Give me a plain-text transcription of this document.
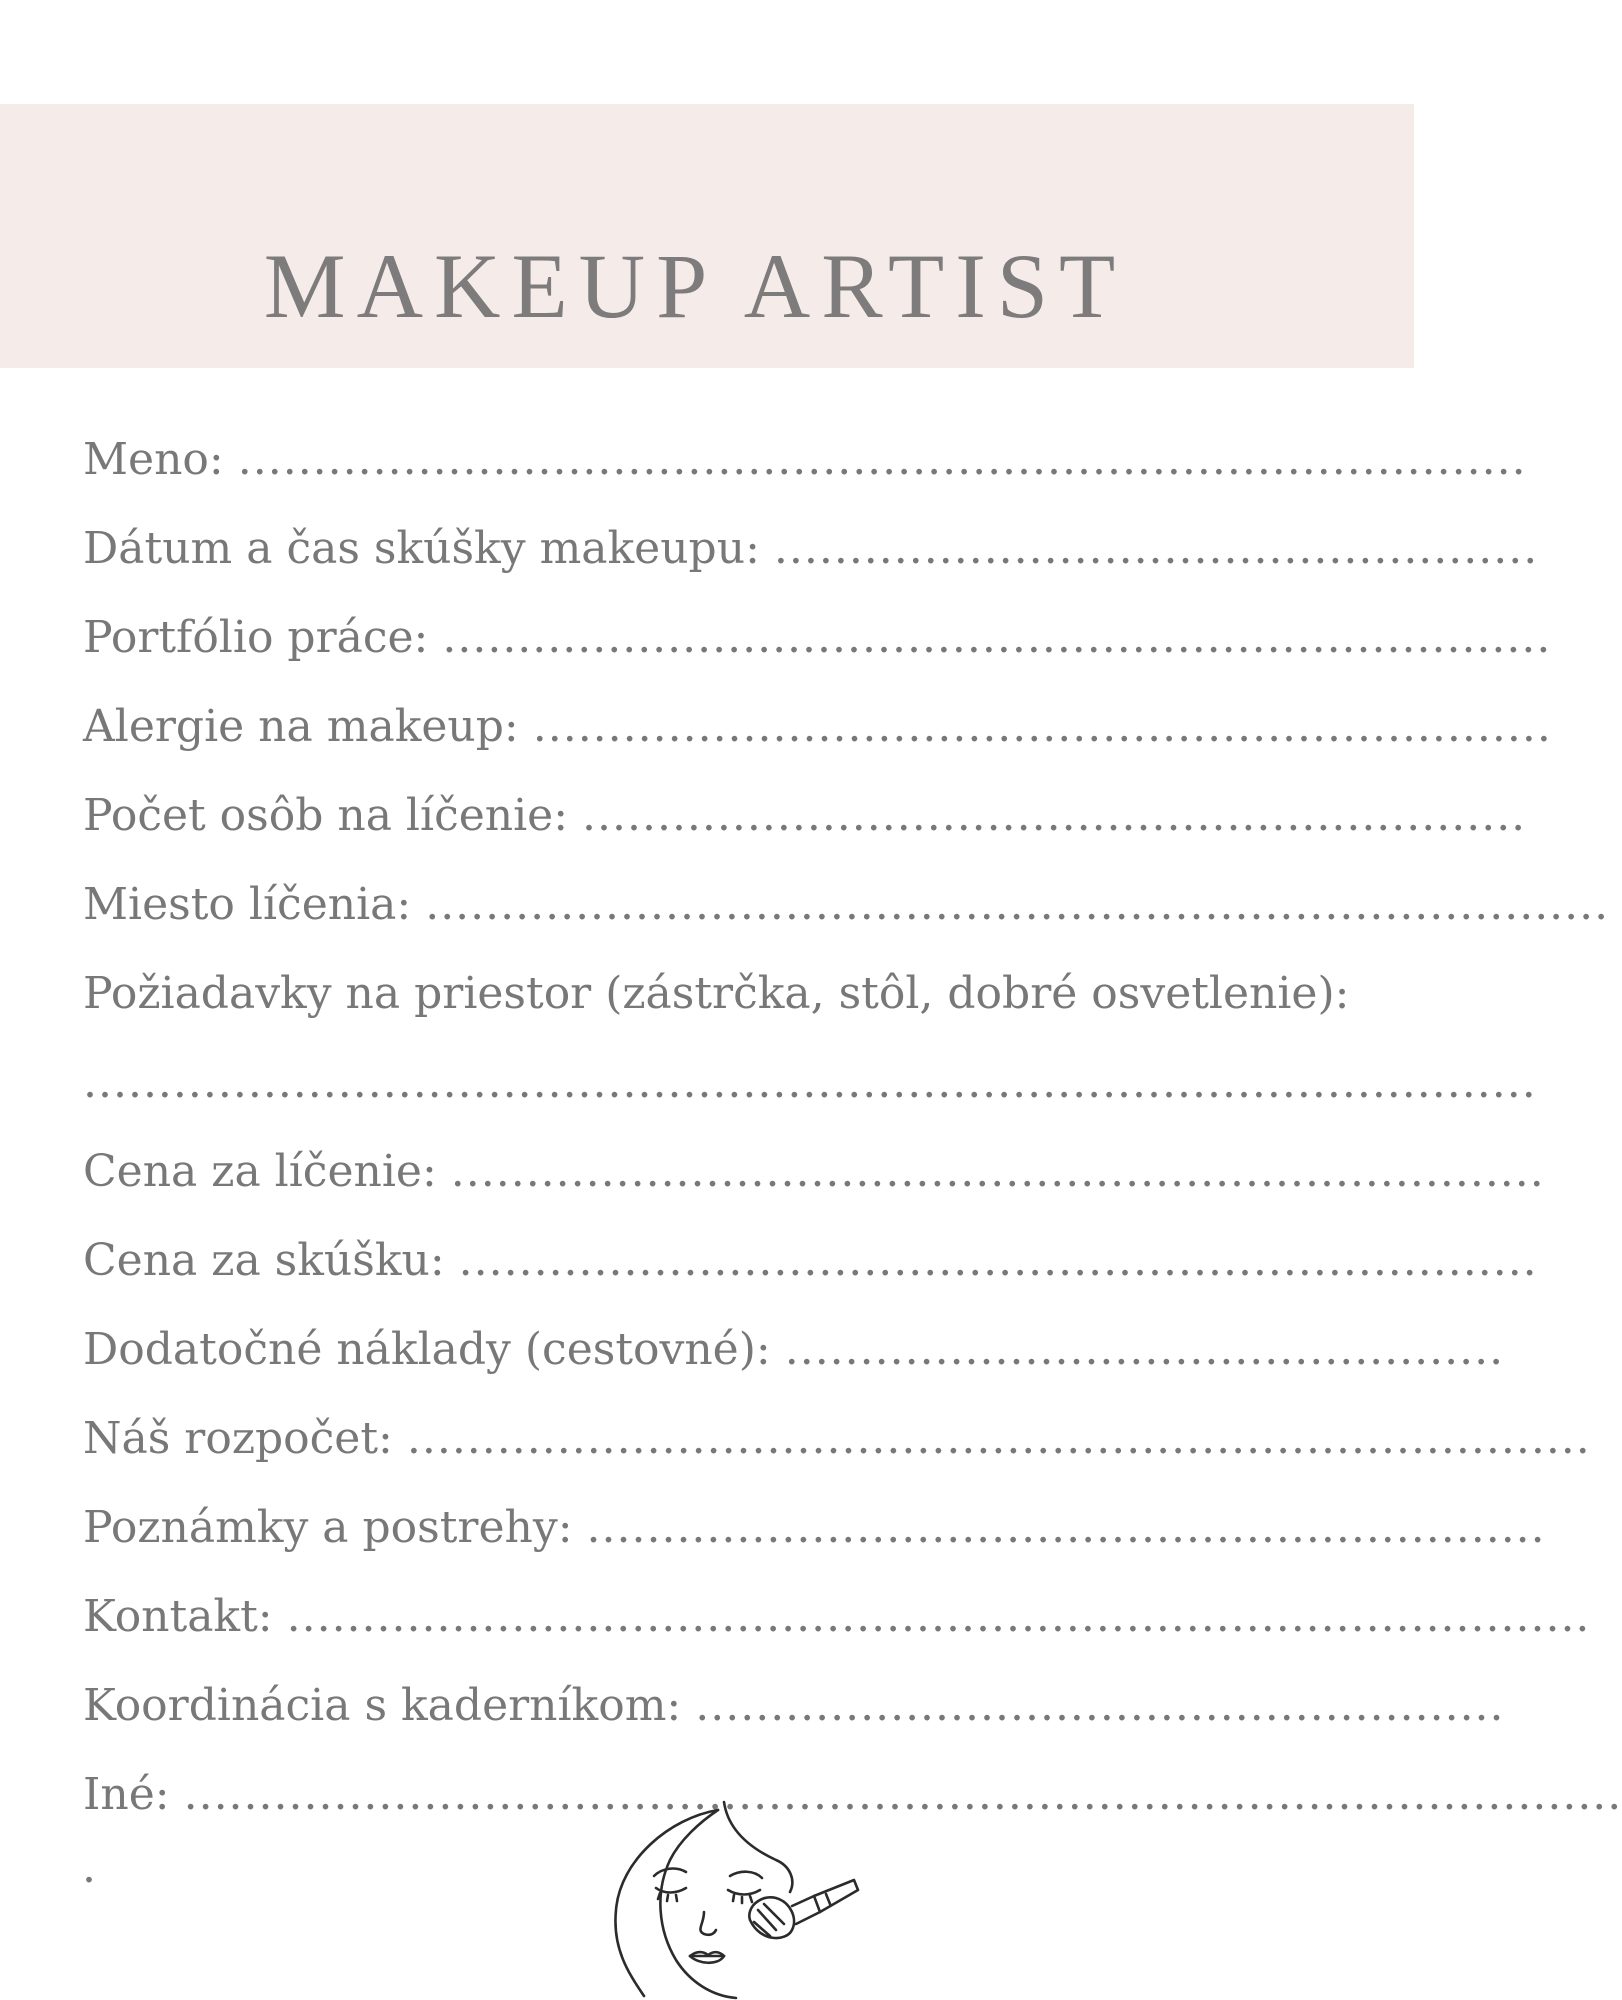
MAKEUP ARTIST
Meno: ......................................................................................
Dátum a čas skúšky makeupu: ...................................................
Portfólio práce: ..........................................................................
Alergie na makeup: ....................................................................
Počet osôb na líčenie: ...............................................................
Miesto líčenia: ...............................................................................
Požiadavky na priestor (zástrčka, stôl, dobré osvetlenie):
.................................................................................................
Cena za líčenie: .........................................................................
Cena za skúšku: ........................................................................
Dodatočné náklady (cestovné): ................................................
Náš rozpočet: ...............................................................................
Poznámky a postrehy: ................................................................
Kontakt: .......................................................................................
Koordinácia s kaderníkom: ......................................................
Iné: ................................................................................................
.
